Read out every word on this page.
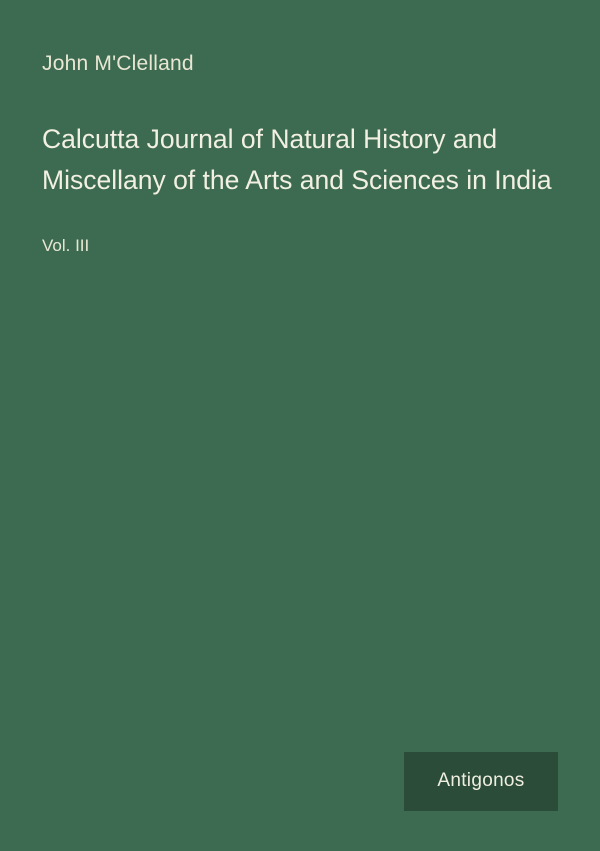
John M'Clelland
Calcutta Journal of Natural History and Miscellany of the Arts and Sciences in India
Vol. III
Antigonos
